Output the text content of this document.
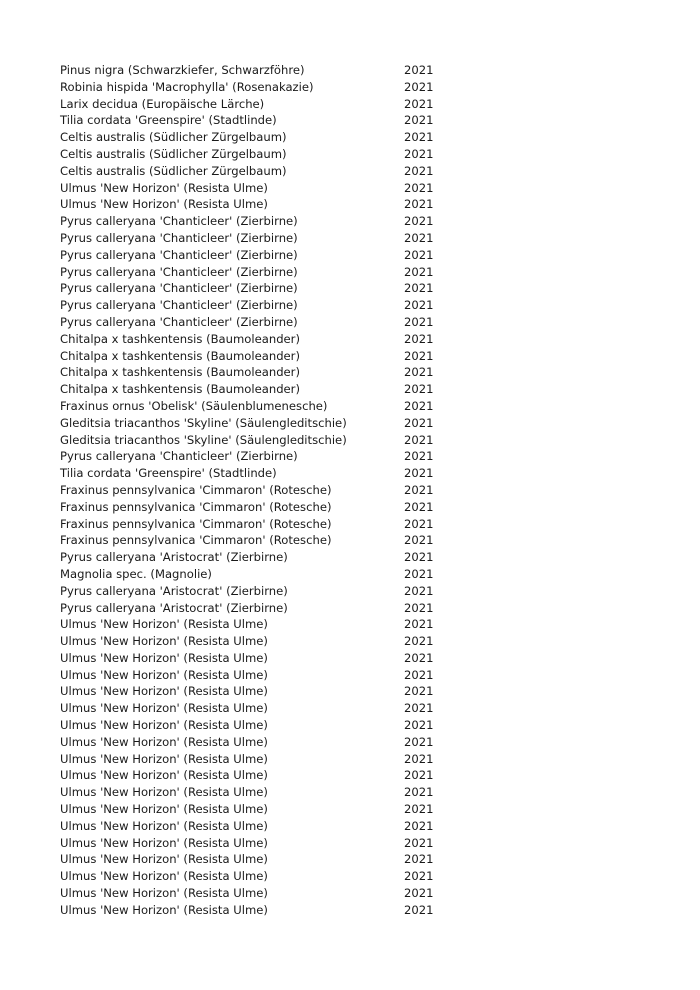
Pinus nigra (Schwarzkiefer, Schwarzföhre)	2021
Robinia hispida 'Macrophylla' (Rosenakazie)	2021
Larix decidua (Europäische Lärche)	2021
Tilia cordata 'Greenspire' (Stadtlinde)	2021
Celtis australis (Südlicher Zürgelbaum)	2021
Celtis australis (Südlicher Zürgelbaum)	2021
Celtis australis (Südlicher Zürgelbaum)	2021
Ulmus 'New Horizon' (Resista Ulme)	2021
Ulmus 'New Horizon' (Resista Ulme)	2021
Pyrus calleryana 'Chanticleer' (Zierbirne)	2021
Pyrus calleryana 'Chanticleer' (Zierbirne)	2021
Pyrus calleryana 'Chanticleer' (Zierbirne)	2021
Pyrus calleryana 'Chanticleer' (Zierbirne)	2021
Pyrus calleryana 'Chanticleer' (Zierbirne)	2021
Pyrus calleryana 'Chanticleer' (Zierbirne)	2021
Pyrus calleryana 'Chanticleer' (Zierbirne)	2021
Chitalpa x tashkentensis (Baumoleander)	2021
Chitalpa x tashkentensis (Baumoleander)	2021
Chitalpa x tashkentensis (Baumoleander)	2021
Chitalpa x tashkentensis (Baumoleander)	2021
Fraxinus ornus 'Obelisk' (Säulenblumenesche)	2021
Gleditsia triacanthos 'Skyline' (Säulengleditschie)	2021
Gleditsia triacanthos 'Skyline' (Säulengleditschie)	2021
Pyrus calleryana 'Chanticleer' (Zierbirne)	2021
Tilia cordata 'Greenspire' (Stadtlinde)	2021
Fraxinus pennsylvanica 'Cimmaron' (Rotesche)	2021
Fraxinus pennsylvanica 'Cimmaron' (Rotesche)	2021
Fraxinus pennsylvanica 'Cimmaron' (Rotesche)	2021
Fraxinus pennsylvanica 'Cimmaron' (Rotesche)	2021
Pyrus calleryana 'Aristocrat' (Zierbirne)	2021
Magnolia spec. (Magnolie)	2021
Pyrus calleryana 'Aristocrat' (Zierbirne)	2021
Pyrus calleryana 'Aristocrat' (Zierbirne)	2021
Ulmus 'New Horizon' (Resista Ulme)	2021
Ulmus 'New Horizon' (Resista Ulme)	2021
Ulmus 'New Horizon' (Resista Ulme)	2021
Ulmus 'New Horizon' (Resista Ulme)	2021
Ulmus 'New Horizon' (Resista Ulme)	2021
Ulmus 'New Horizon' (Resista Ulme)	2021
Ulmus 'New Horizon' (Resista Ulme)	2021
Ulmus 'New Horizon' (Resista Ulme)	2021
Ulmus 'New Horizon' (Resista Ulme)	2021
Ulmus 'New Horizon' (Resista Ulme)	2021
Ulmus 'New Horizon' (Resista Ulme)	2021
Ulmus 'New Horizon' (Resista Ulme)	2021
Ulmus 'New Horizon' (Resista Ulme)	2021
Ulmus 'New Horizon' (Resista Ulme)	2021
Ulmus 'New Horizon' (Resista Ulme)	2021
Ulmus 'New Horizon' (Resista Ulme)	2021
Ulmus 'New Horizon' (Resista Ulme)	2021
Ulmus 'New Horizon' (Resista Ulme)	2021
